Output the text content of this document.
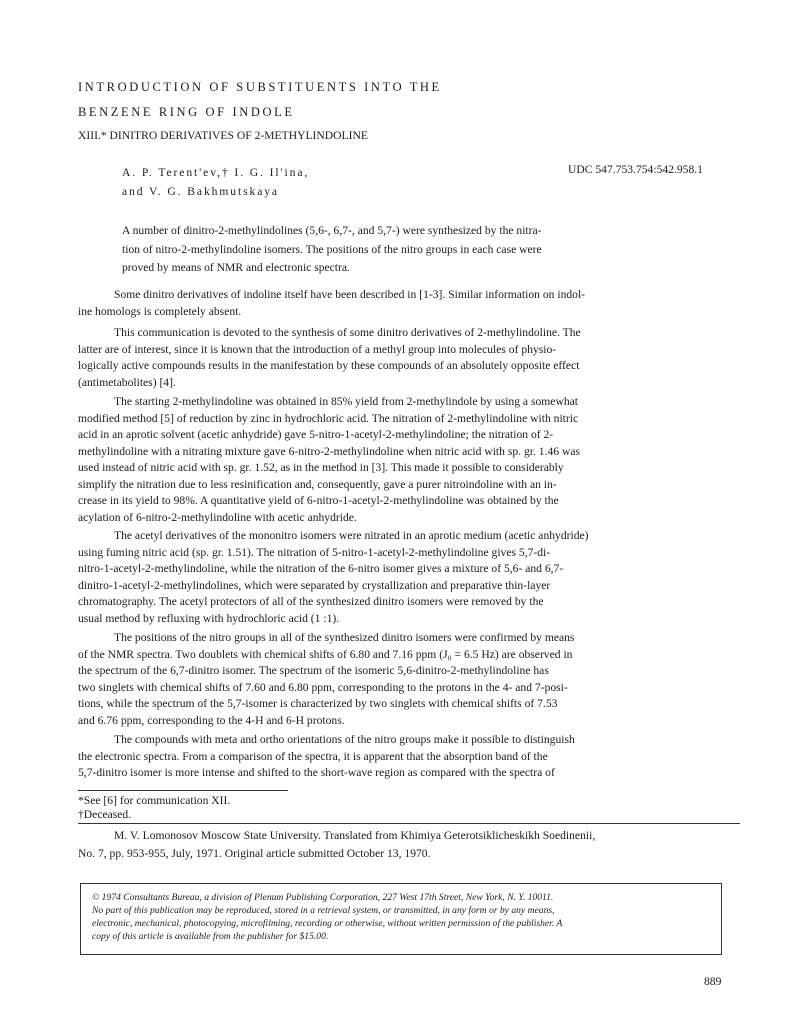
INTRODUCTION OF SUBSTITUENTS INTO THE
BENZENE RING OF INDOLE
XIII.* DINITRO DERIVATIVES OF 2-METHYLINDOLINE
A. P. Terent'ev,† I. G. Il'ina,
and V. G. Bakhmutskaya
UDC 547.753.754:542.958.1
A number of dinitro-2-methylindolines (5,6-, 6,7-, and 5,7-) were synthesized by the nitra-
tion of nitro-2-methylindoline isomers. The positions of the nitro groups in each case were
proved by means of NMR and electronic spectra.
Some dinitro derivatives of indoline itself have been described in [1-3]. Similar information on indol-
ine homologs is completely absent.
This communication is devoted to the synthesis of some dinitro derivatives of 2-methylindoline. The
latter are of interest, since it is known that the introduction of a methyl group into molecules of physio-
logically active compounds results in the manifestation by these compounds of an absolutely opposite effect
(antimetabolites) [4].
The starting 2-methylindoline was obtained in 85% yield from 2-methylindole by using a somewhat
modified method [5] of reduction by zinc in hydrochloric acid. The nitration of 2-methylindoline with nitric
acid in an aprotic solvent (acetic anhydride) gave 5-nitro-1-acetyl-2-methylindoline; the nitration of 2-
methylindoline with a nitrating mixture gave 6-nitro-2-methylindoline when nitric acid with sp. gr. 1.46 was
used instead of nitric acid with sp. gr. 1.52, as in the method in [3]. This made it possible to considerably
simplify the nitration due to less resinification and, consequently, gave a purer nitroindoline with an in-
crease in its yield to 98%. A quantitative yield of 6-nitro-1-acetyl-2-methylindoline was obtained by the
acylation of 6-nitro-2-methylindoline with acetic anhydride.
The acetyl derivatives of the mononitro isomers were nitrated in an aprotic medium (acetic anhydride)
using fuming nitric acid (sp. gr. 1.51). The nitration of 5-nitro-1-acetyl-2-methylindoline gives 5,7-di-
nitro-1-acetyl-2-methylindoline, while the nitration of the 6-nitro isomer gives a mixture of 5,6- and 6,7-
dinitro-1-acetyl-2-methylindolines, which were separated by crystallization and preparative thin-layer
chromatography. The acetyl protectors of all of the synthesized dinitro isomers were removed by the
usual method by refluxing with hydrochloric acid (1 :1).
The positions of the nitro groups in all of the synthesized dinitro isomers were confirmed by means
of the NMR spectra. Two doublets with chemical shifts of 6.80 and 7.16 ppm (J₀ = 6.5 Hz) are observed in
the spectrum of the 6,7-dinitro isomer. The spectrum of the isomeric 5,6-dinitro-2-methylindoline has
two singlets with chemical shifts of 7.60 and 6.80 ppm, corresponding to the protons in the 4- and 7-posi-
tions, while the spectrum of the 5,7-isomer is characterized by two singlets with chemical shifts of 7.53
and 6.76 ppm, corresponding to the 4-H and 6-H protons.
The compounds with meta and ortho orientations of the nitro groups make it possible to distinguish
the electronic spectra. From a comparison of the spectra, it is apparent that the absorption band of the
5,7-dinitro isomer is more intense and shifted to the short-wave region as compared with the spectra of
*See [6] for communication XII.
†Deceased.
M. V. Lomonosov Moscow State University. Translated from Khimiya Geterotsiklicheskikh Soedinenii,
No. 7, pp. 953-955, July, 1971. Original article submitted October 13, 1970.
© 1974 Consultants Bureau, a division of Plenum Publishing Corporation, 227 West 17th Street, New York, N. Y. 10011.
No part of this publication may be reproduced, stored in a retrieval system, or transmitted, in any form or by any means,
electronic, mechanical, photocopying, microfilming, recording or otherwise, without written permission of the publisher. A
copy of this article is available from the publisher for $15.00.
889
